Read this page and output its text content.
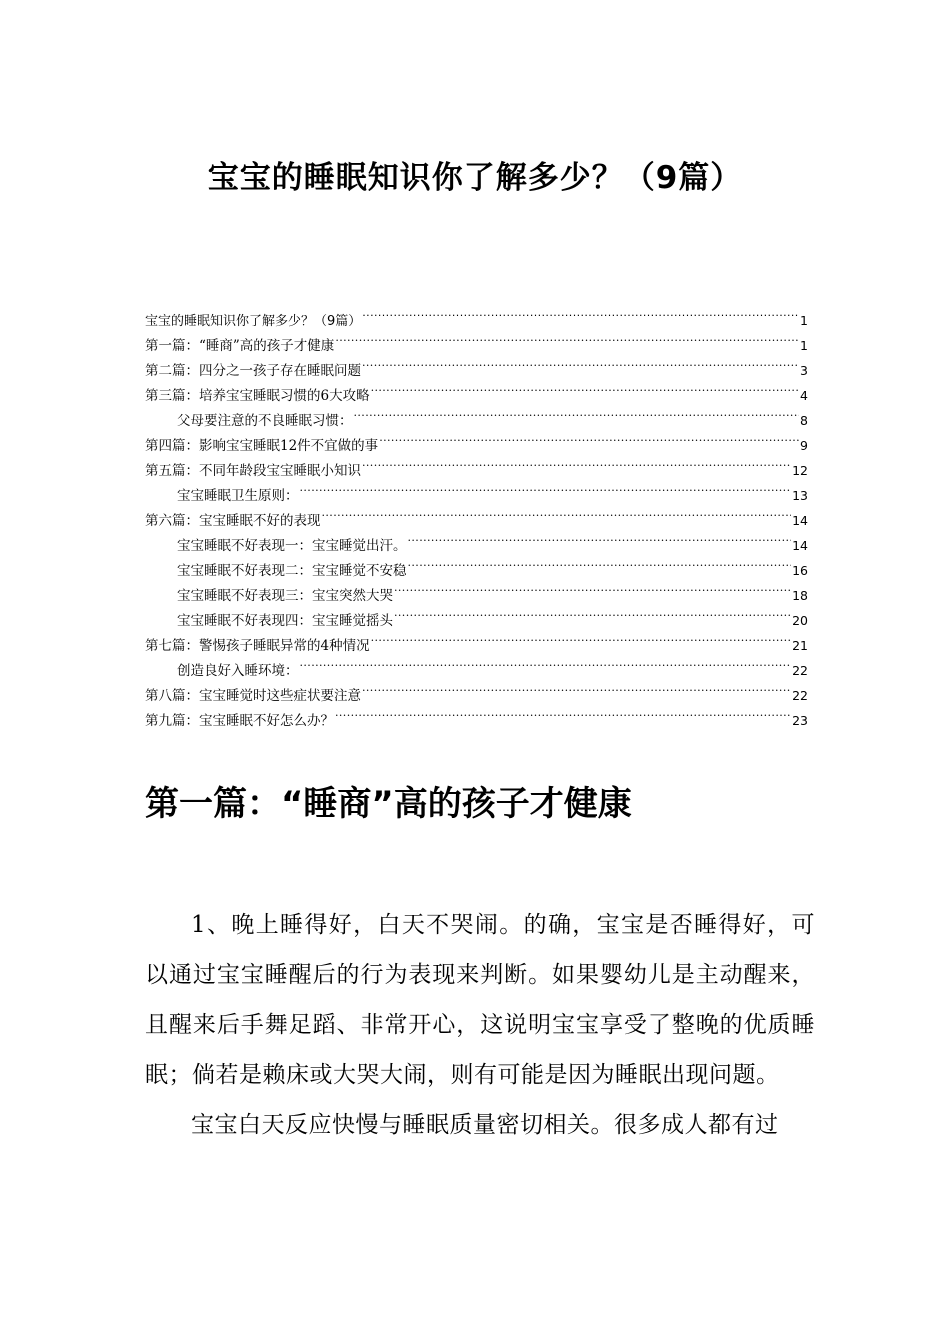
宝宝的睡眠知识你了解多少？（9篇）
宝宝的睡眠知识你了解多少？（9篇） .....	1
第一篇：“睡商”高的孩子才健康 .....	1
第二篇：四分之一孩子存在睡眠问题 .....	3
第三篇：培养宝宝睡眠习惯的6大攻略 .....	4
父母要注意的不良睡眠习惯： .....	8
第四篇：影响宝宝睡眠12件不宜做的事 .....	9
第五篇：不同年龄段宝宝睡眠小知识 .....	12
宝宝睡眠卫生原则： .....	13
第六篇：宝宝睡眠不好的表现 .....	14
宝宝睡眠不好表现一：宝宝睡觉出汗。 .....	14
宝宝睡眠不好表现二：宝宝睡觉不安稳 .....	16
宝宝睡眠不好表现三：宝宝突然大哭 .....	18
宝宝睡眠不好表现四：宝宝睡觉摇头 .....	20
第七篇：警惕孩子睡眠异常的4种情况 .....	21
创造良好入睡环境： .....	22
第八篇：宝宝睡觉时这些症状要注意 .....	22
第九篇：宝宝睡眠不好怎么办？ .....	23
第一篇：“睡商”高的孩子才健康

1、晚上睡得好，白天不哭闹。的确，宝宝是否睡得好，可以通过宝宝睡醒后的行为表现来判断。如果婴幼儿是主动醒来，且醒来后手舞足蹈、非常开心，这说明宝宝享受了整晚的优质睡眠；倘若是赖床或大哭大闹，则有可能是因为睡眠出现问题。

宝宝白天反应快慢与睡眠质量密切相关。很多成人都有过
